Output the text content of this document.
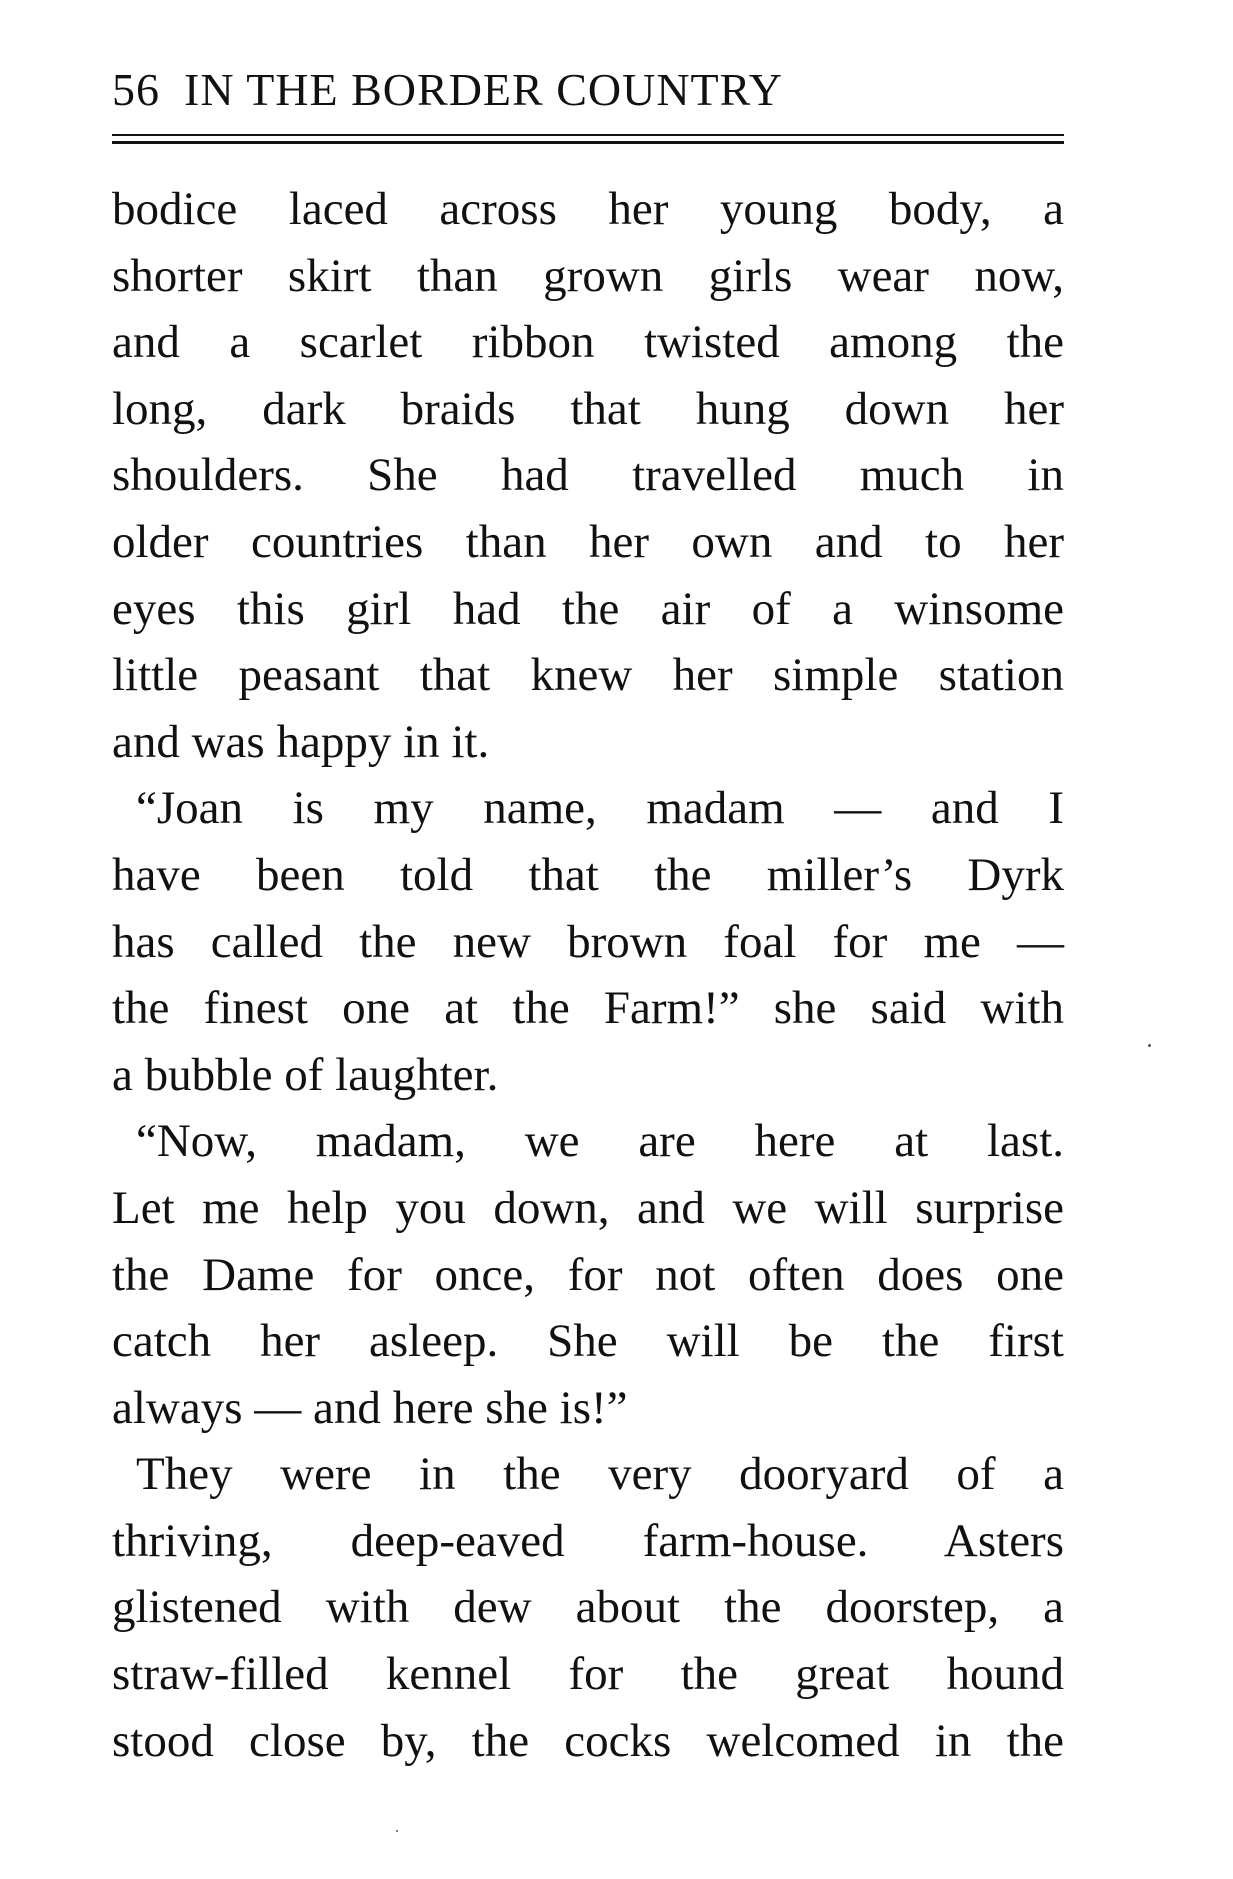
56 IN THE BORDER COUNTRY
bodice laced across her young body, a
shorter skirt than grown girls wear now,
and a scarlet ribbon twisted among the
long, dark braids that hung down her
shoulders. She had travelled much in
older countries than her own and to her
eyes this girl had the air of a winsome
little peasant that knew her simple station
and was happy in it.
“Joan is my name, madam — and I
have been told that the miller’s Dyrk
has called the new brown foal for me —
the finest one at the Farm!” she said with
a bubble of laughter.
“Now, madam, we are here at last.
Let me help you down, and we will surprise
the Dame for once, for not often does one
catch her asleep. She will be the first
always — and here she is!”
They were in the very dooryard of a
thriving, deep-eaved farm-house. Asters
glistened with dew about the doorstep, a
straw-filled kennel for the great hound
stood close by, the cocks welcomed in the
